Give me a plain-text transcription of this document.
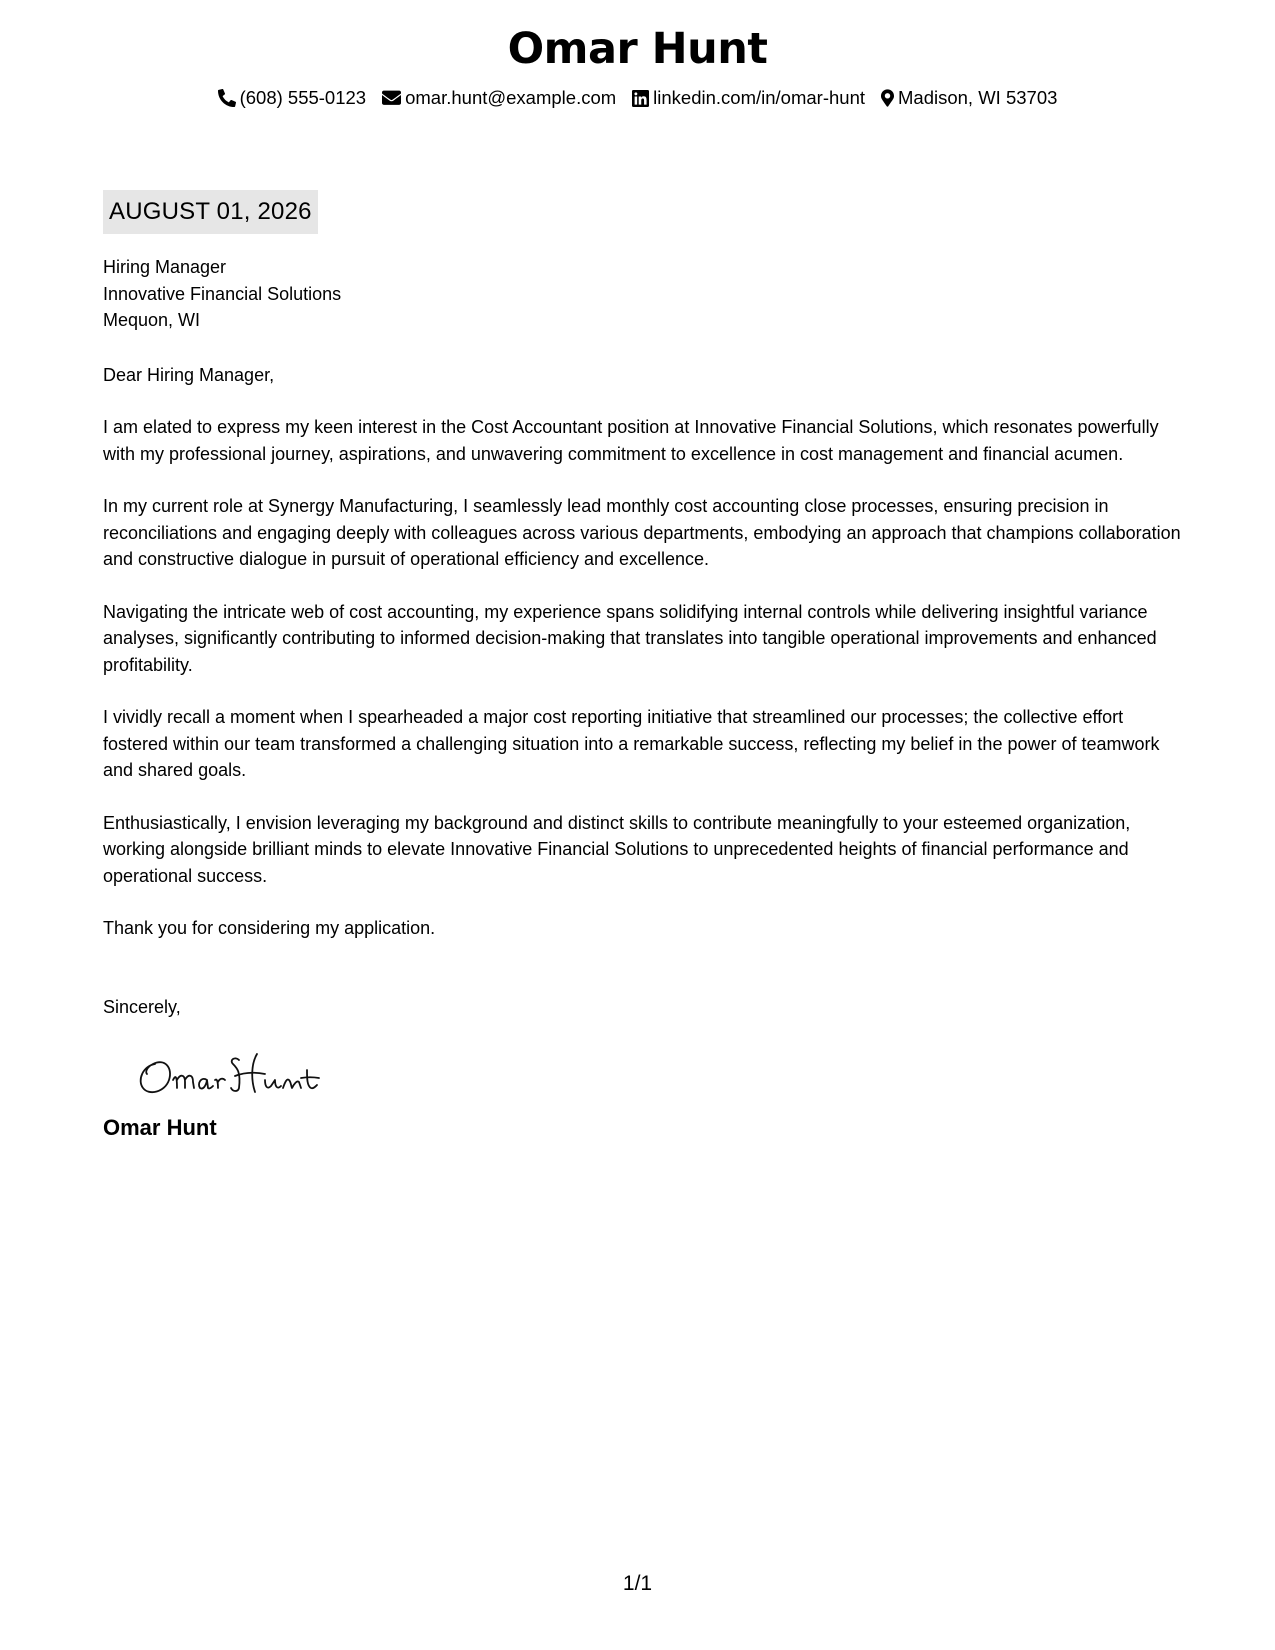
Omar Hunt
(608) 555-0123 omar.hunt@example.com linkedin.com/in/omar-hunt Madison, WI 53703
AUGUST 01, 2026
Hiring Manager
Innovative Financial Solutions
Mequon, WI
Dear Hiring Manager,

I am elated to express my keen interest in the Cost Accountant position at Innovative Financial Solutions, which resonates powerfully with my professional journey, aspirations, and unwavering commitment to excellence in cost management and financial acumen.

In my current role at Synergy Manufacturing, I seamlessly lead monthly cost accounting close processes, ensuring precision in reconciliations and engaging deeply with colleagues across various departments, embodying an approach that champions collaboration and constructive dialogue in pursuit of operational efficiency and excellence.

Navigating the intricate web of cost accounting, my experience spans solidifying internal controls while delivering insightful variance analyses, significantly contributing to informed decision-making that translates into tangible operational improvements and enhanced profitability.

I vividly recall a moment when I spearheaded a major cost reporting initiative that streamlined our processes; the collective effort fostered within our team transformed a challenging situation into a remarkable success, reflecting my belief in the power of teamwork and shared goals.

Enthusiastically, I envision leveraging my background and distinct skills to contribute meaningfully to your esteemed organization, working alongside brilliant minds to elevate Innovative Financial Solutions to unprecedented heights of financial performance and operational success.

Thank you for considering my application.

Sincerely,
Omar Hunt
1/1
